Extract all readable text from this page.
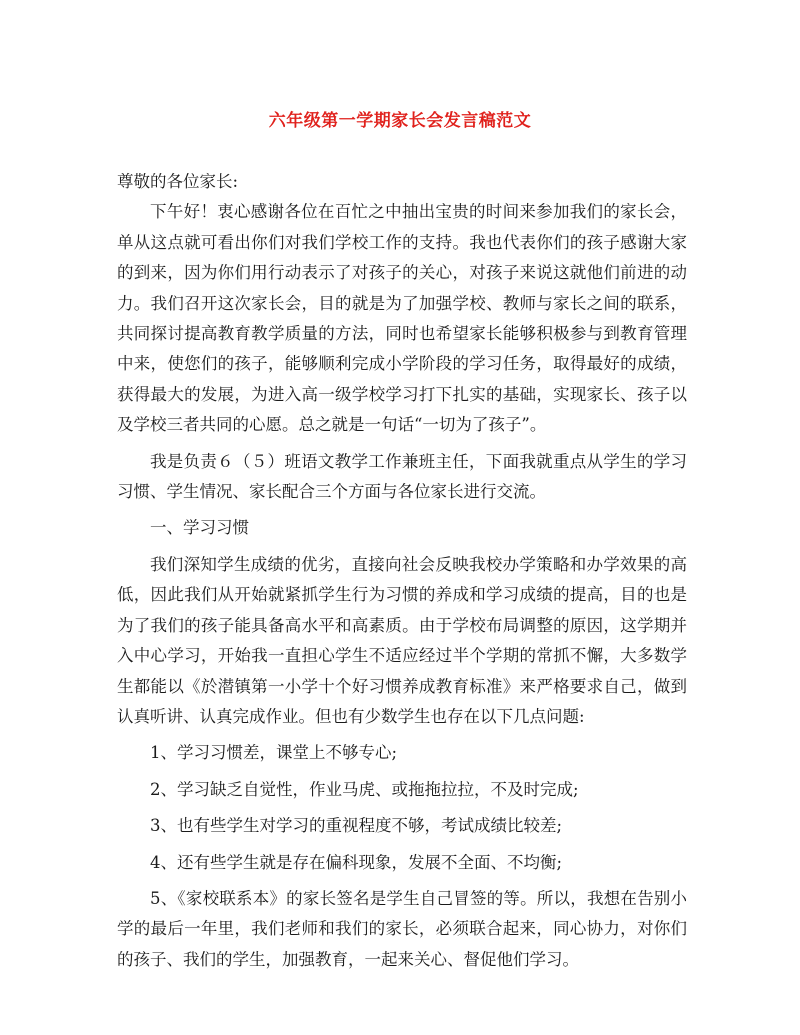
六年级第一学期家长会发言稿范文

尊敬的各位家长:

下午好！衷心感谢各位在百忙之中抽出宝贵的时间来参加我们的家长会，单从这点就可看出你们对我们学校工作的支持。我也代表你们的孩子感谢大家的到来，因为你们用行动表示了对孩子的关心，对孩子来说这就他们前进的动力。我们召开这次家长会，目的就是为了加强学校、教师与家长之间的联系，共同探讨提高教育教学质量的方法，同时也希望家长能够积极参与到教育管理中来，使您们的孩子，能够顺利完成小学阶段的学习任务，取得最好的成绩，获得最大的发展，为进入高一级学校学习打下扎实的基础，实现家长、孩子以及学校三者共同的心愿。总之就是一句话“一切为了孩子”。

我是负责６（５）班语文教学工作兼班主任，下面我就重点从学生的学习习惯、学生情况、家长配合三个方面与各位家长进行交流。

一、学习习惯

我们深知学生成绩的优劣，直接向社会反映我校办学策略和办学效果的高低，因此我们从开始就紧抓学生行为习惯的养成和学习成绩的提高，目的也是为了我们的孩子能具备高水平和高素质。由于学校布局调整的原因，这学期并入中心学习，开始我一直担心学生不适应经过半个学期的常抓不懈，大多数学生都能以《於潜镇第一小学十个好习惯养成教育标准》来严格要求自己，做到认真听讲、认真完成作业。但也有少数学生也存在以下几点问题:

1、学习习惯差，课堂上不够专心;

2、学习缺乏自觉性，作业马虎、或拖拖拉拉，不及时完成;

3、也有些学生对学习的重视程度不够，考试成绩比较差;

4、还有些学生就是存在偏科现象，发展不全面、不均衡;

5、《家校联系本》的家长签名是学生自己冒签的等。所以，我想在告别小学的最后一年里，我们老师和我们的家长，必须联合起来，同心协力，对你们的孩子、我们的学生，加强教育，一起来关心、督促他们学习。
